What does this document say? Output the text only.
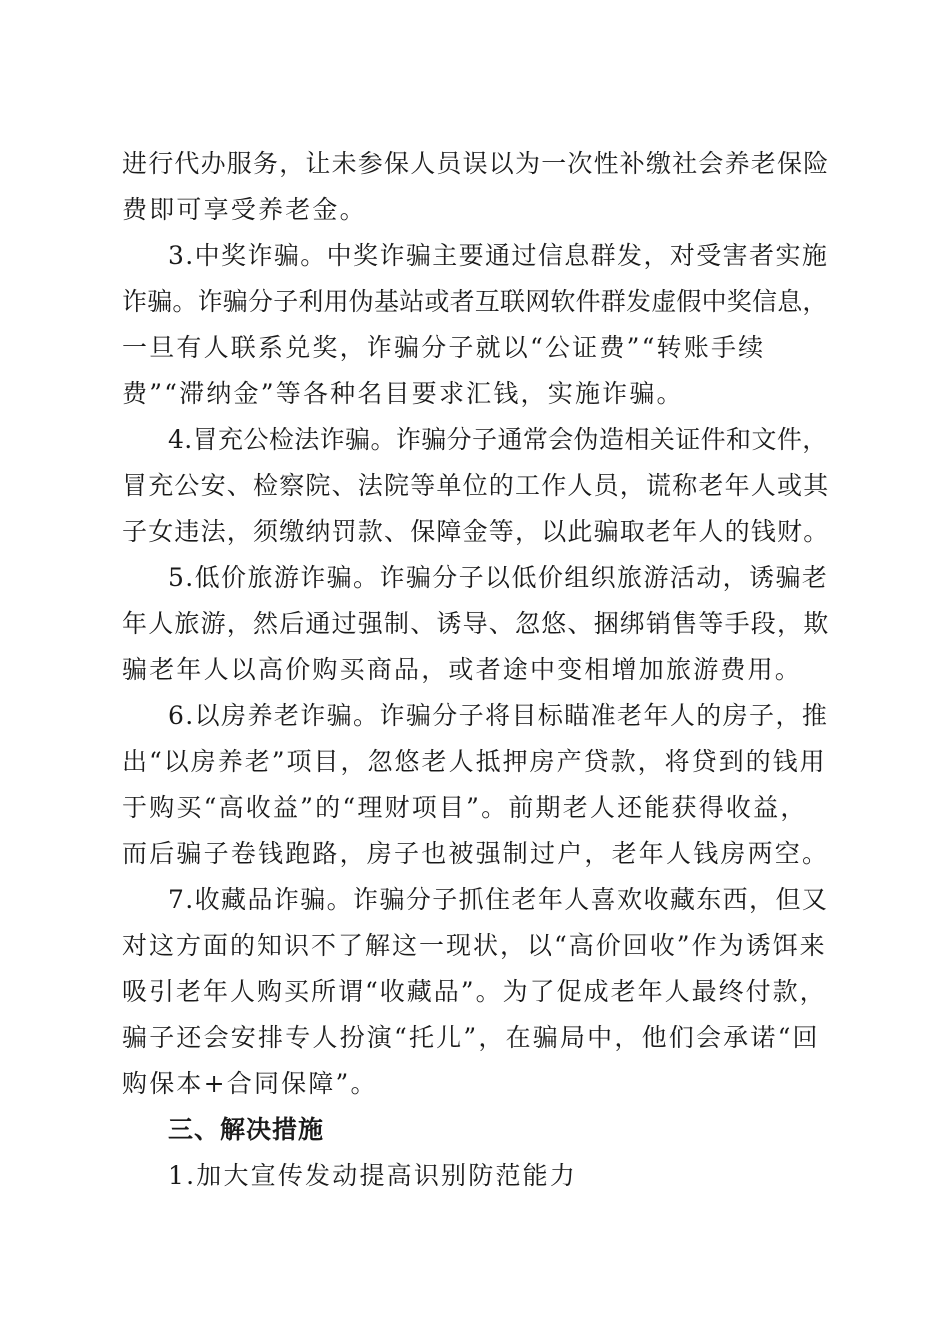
进行代办服务，让未参保人员误以为一次性补缴社会养老保险
费即可享受养老金。
3.中奖诈骗。中奖诈骗主要通过信息群发，对受害者实施
诈骗。诈骗分子利用伪基站或者互联网软件群发虚假中奖信息，
一旦有人联系兑奖，诈骗分子就以“公证费”“转账手续
费”“滞纳金”等各种名目要求汇钱，实施诈骗。
4.冒充公检法诈骗。诈骗分子通常会伪造相关证件和文件，
冒充公安、检察院、法院等单位的工作人员，谎称老年人或其
子女违法，须缴纳罚款、保障金等，以此骗取老年人的钱财。
5.低价旅游诈骗。诈骗分子以低价组织旅游活动，诱骗老
年人旅游，然后通过强制、诱导、忽悠、捆绑销售等手段，欺
骗老年人以高价购买商品，或者途中变相增加旅游费用。
6.以房养老诈骗。诈骗分子将目标瞄准老年人的房子，推
出“以房养老”项目，忽悠老人抵押房产贷款，将贷到的钱用
于购买“高收益”的“理财项目”。前期老人还能获得收益，
而后骗子卷钱跑路，房子也被强制过户，老年人钱房两空。
7.收藏品诈骗。诈骗分子抓住老年人喜欢收藏东西，但又
对这方面的知识不了解这一现状，以“高价回收”作为诱饵来
吸引老年人购买所谓“收藏品”。为了促成老年人最终付款，
骗子还会安排专人扮演“托儿”，在骗局中，他们会承诺“回
购保本+合同保障”。
三、解决措施
1.加大宣传发动提高识别防范能力
